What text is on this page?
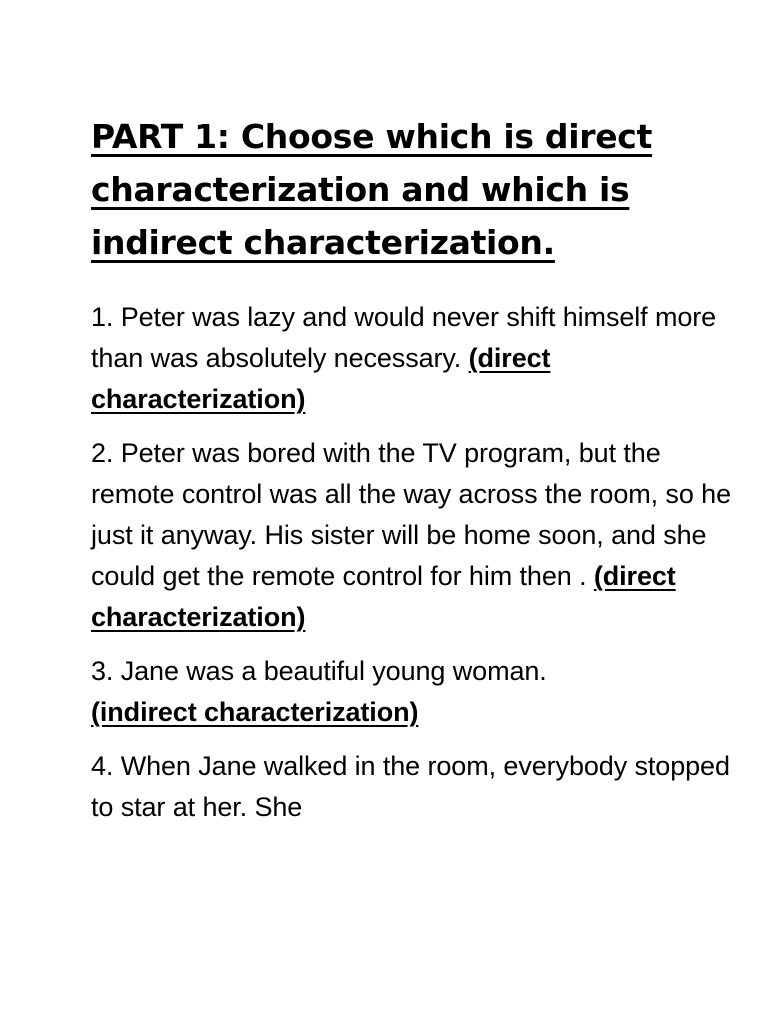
PART 1: Choose which is direct characterization and which is indirect characterization.

1. Peter was lazy and would never shift himself more than was absolutely necessary. (direct characterization)

2. Peter was bored with the TV program, but the remote control was all the way across the room, so he just it anyway. His sister will be home soon, and she could get the remote control for him then . (direct characterization)

3. Jane was a beautiful young woman.
(indirect characterization)

4. When Jane walked in the room, everybody stopped to star at her. She
